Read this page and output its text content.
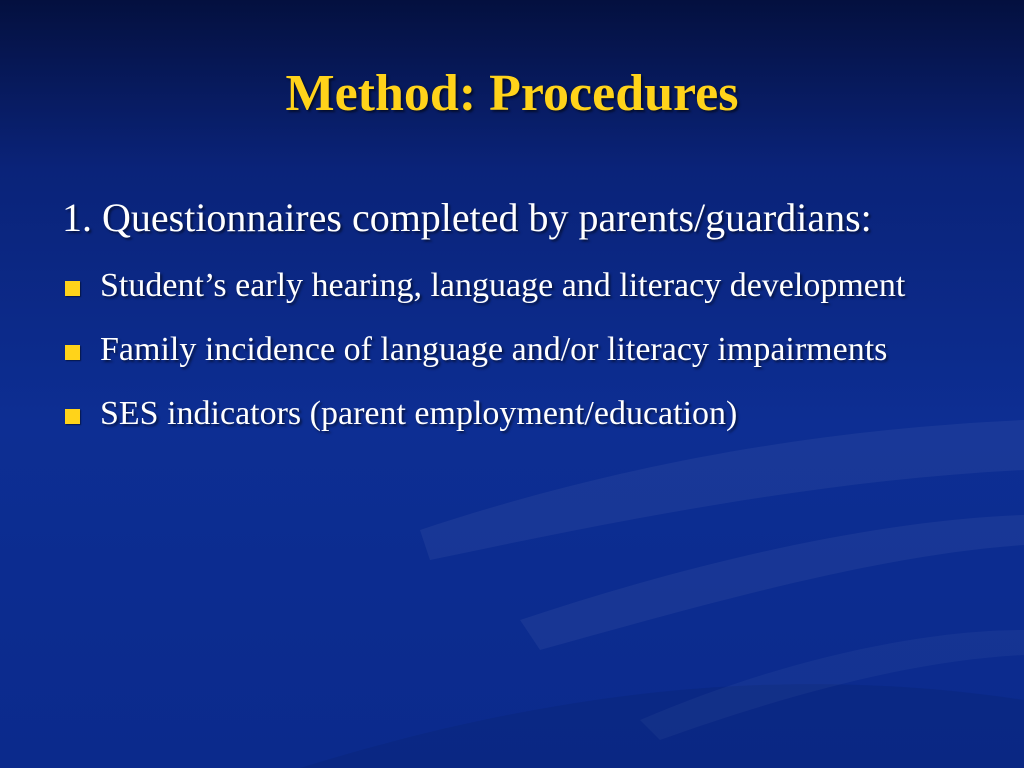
Method: Procedures

1. Questionnaires completed by parents/guardians:

Student’s early hearing, language and literacy development
Family incidence of language and/or literacy impairments
SES indicators (parent employment/education)
